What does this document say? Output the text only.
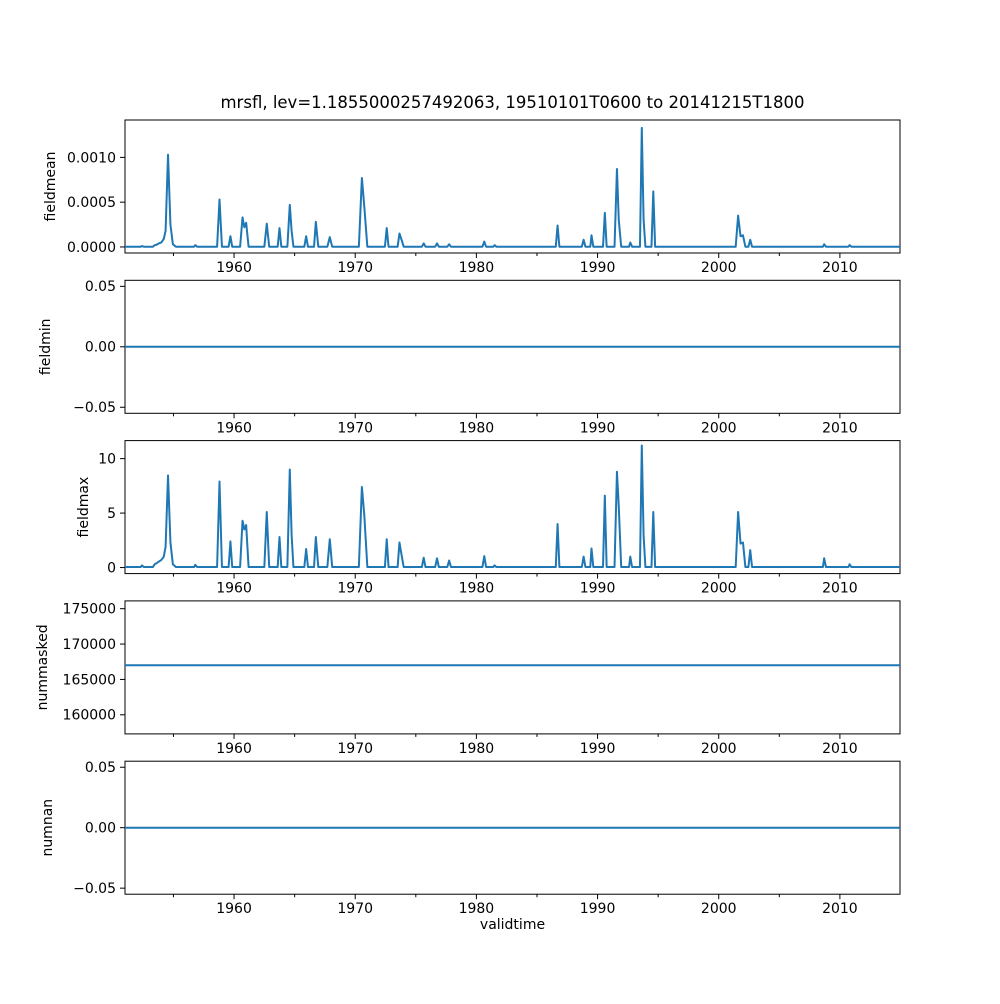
mrsfl, lev=1.1855000257492063, 19510101T0600 to 20141215T1800
0.0000
0.0005
0.0010
1960	1970	1980	1990	2000	2010
fieldmean
−0.05
0.00
0.05
1960	1970	1980	1990	2000	2010
fieldmin
0
5
10
1960	1970	1980	1990	2000	2010
fieldmax
160000
165000
170000
175000
1960	1970	1980	1990	2000	2010
nummasked
−0.05
0.00
0.05
1960	1970	1980	1990	2000	2010
numnan
validtime
